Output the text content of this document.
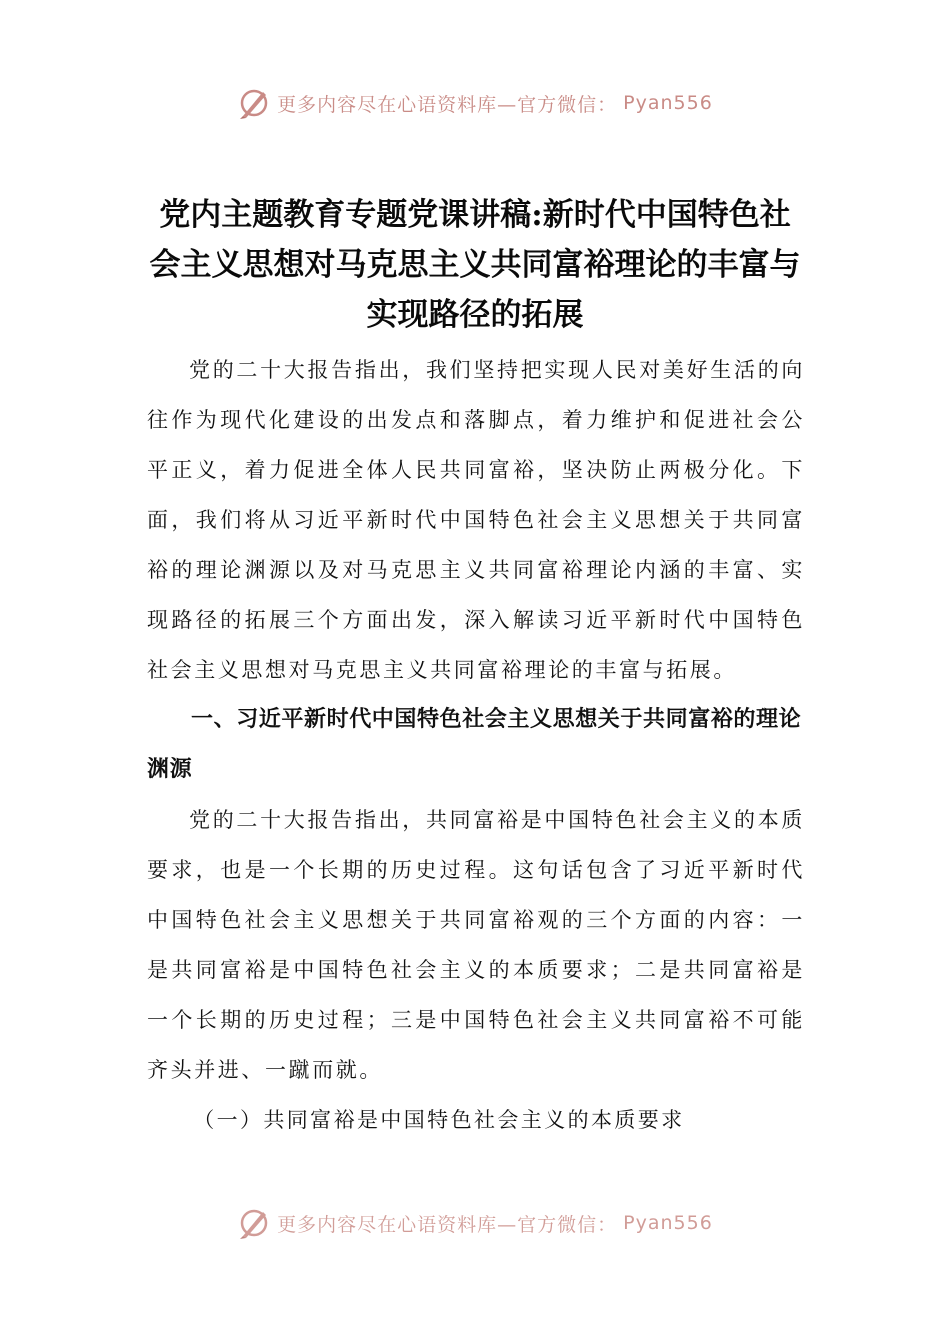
更多内容尽在心语资料库—官方微信： Pyan556
党内主题教育专题党课讲稿:新时代中国特色社会主义思想对马克思主义共同富裕理论的丰富与实现路径的拓展

党的二十大报告指出，我们坚持把实现人民对美好生活的向往作为现代化建设的出发点和落脚点，着力维护和促进社会公平正义，着力促进全体人民共同富裕，坚决防止两极分化。下面，我们将从习近平新时代中国特色社会主义思想关于共同富裕的理论渊源以及对马克思主义共同富裕理论内涵的丰富、实现路径的拓展三个方面出发，深入解读习近平新时代中国特色社会主义思想对马克思主义共同富裕理论的丰富与拓展。

一、习近平新时代中国特色社会主义思想关于共同富裕的理论渊源

党的二十大报告指出，共同富裕是中国特色社会主义的本质要求，也是一个长期的历史过程。这句话包含了习近平新时代中国特色社会主义思想关于共同富裕观的三个方面的内容：一是共同富裕是中国特色社会主义的本质要求；二是共同富裕是一个长期的历史过程；三是中国特色社会主义共同富裕不可能齐头并进、一蹴而就。

（一）共同富裕是中国特色社会主义的本质要求

更多内容尽在心语资料库—官方微信： Pyan556
